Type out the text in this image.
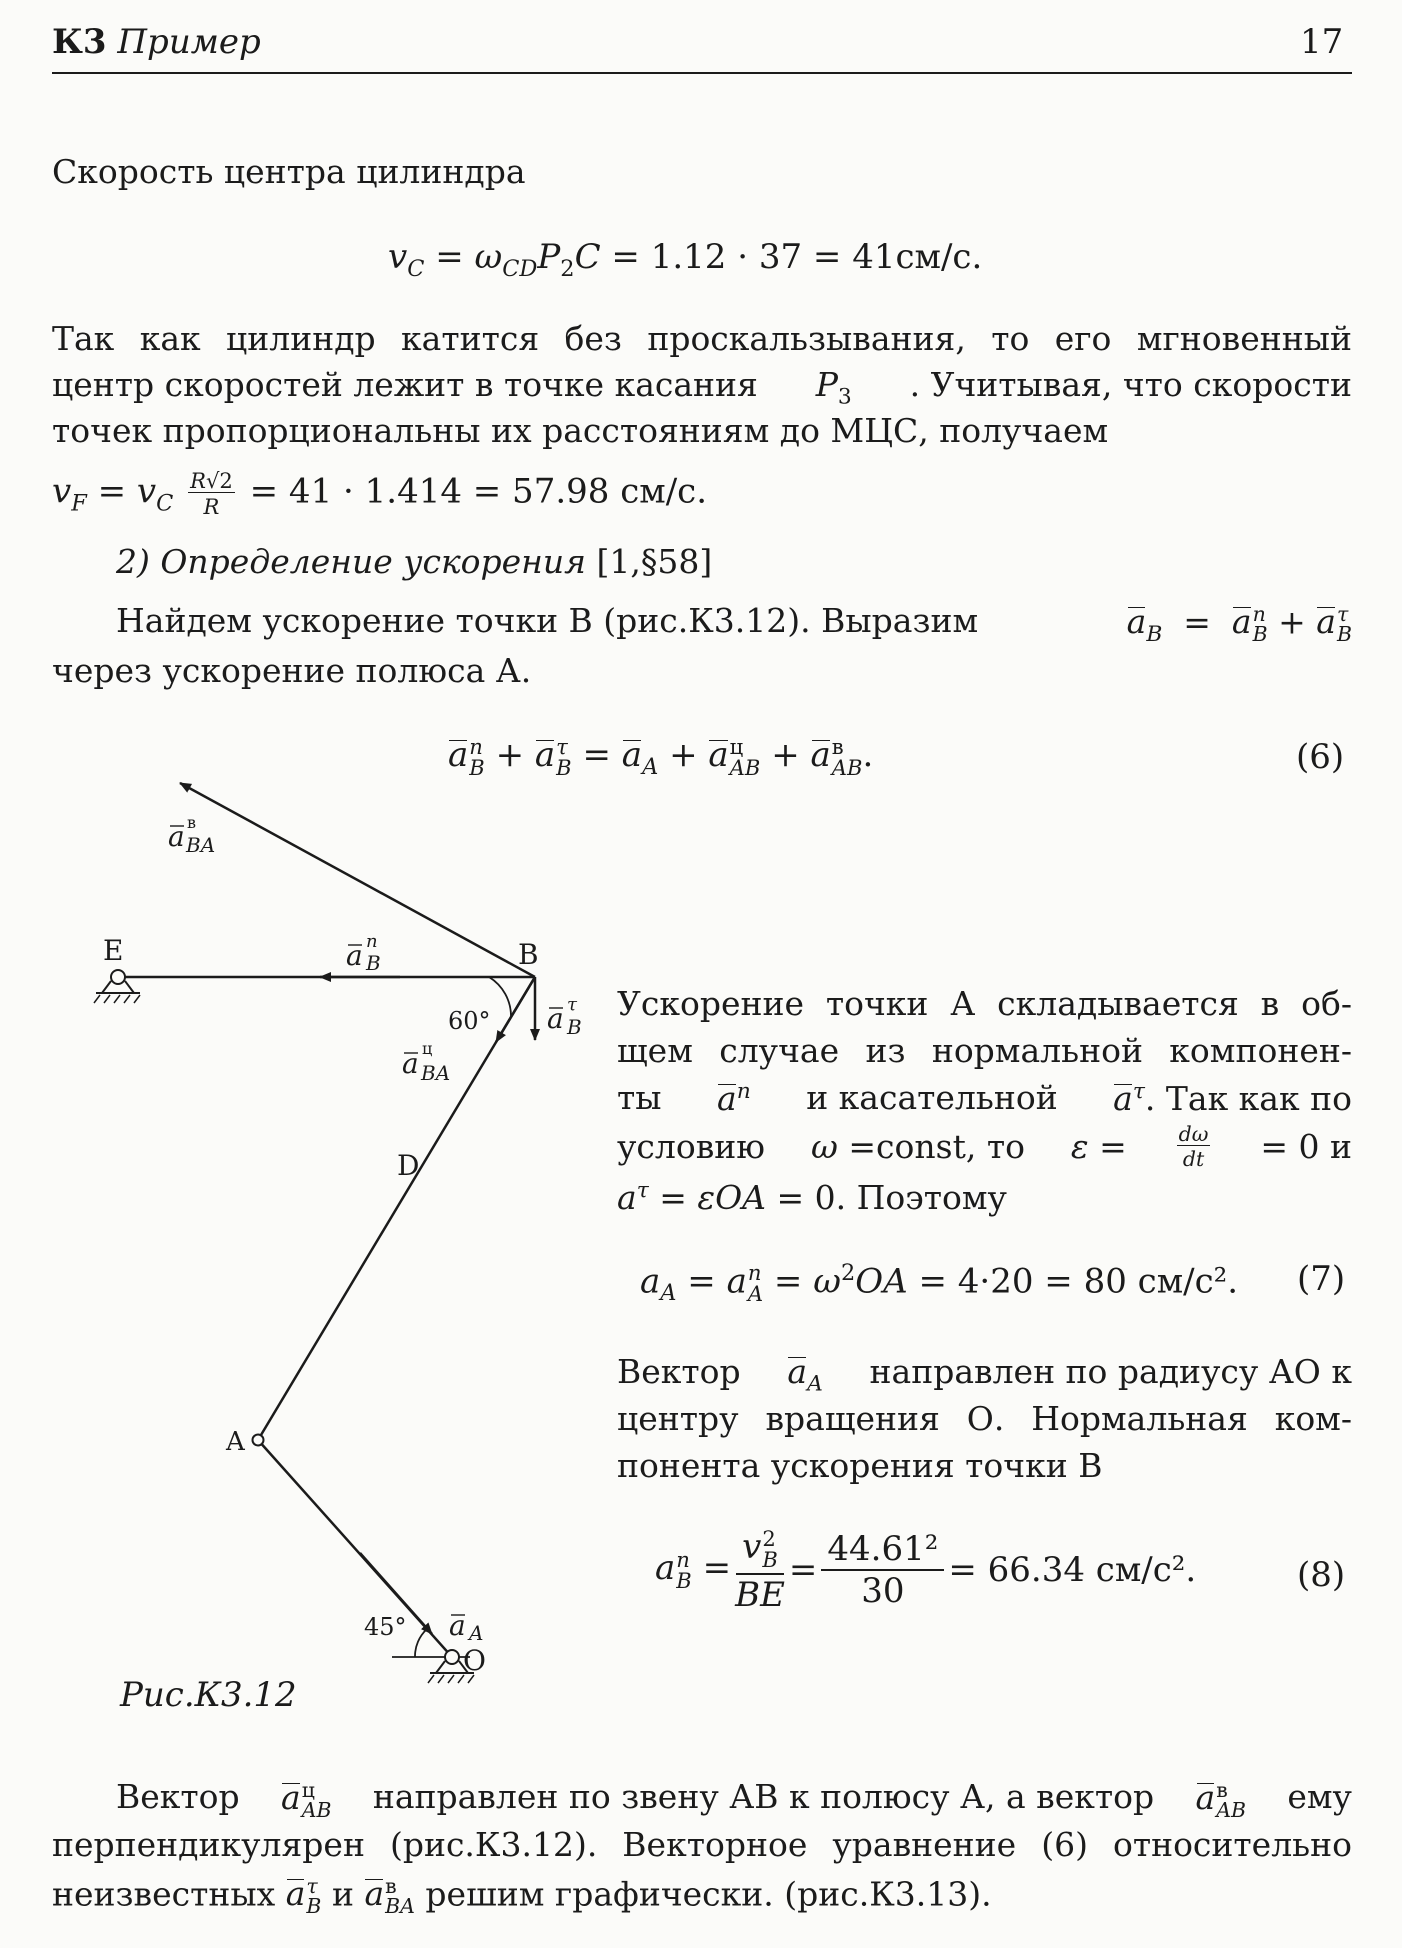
К3 Пример	17
Скорость центра цилиндра
$v_C = \omega_{CD}P_2C = 1.12 \cdot 37 = 41см/с$.
Так как цилиндр катится без проскальзывания, то его мгновенный
центр скоростей лежит в точке касания $P_3$ . Учитывая, что скорости
точек пропорциональны их расстояниям до МЦС, получаем
$v_F = v_C \frac{R√2}{R} = 41 \cdot 1.414 = 57.98$ см/с.
2) Определение ускорения [1,§58]
Найдем ускорение точки В (рис.К3.12). Выразим	$a_B = a$ n
B + a τ
B
через ускорение полюса А.
a n
B + a τ
$B = a_A + a$ ц
AB + a в
AB .	(6)
E	B
D
A
O
60°
45°
a в
BA
a n
B
a τ
B
a ц
BA
a A
Рис.К3.12
Ускорение точки А складывается в об-
щем случае из нормальной компонен-
ты $a^n$ и касательной $a^\tau$. Так как по
условию ω =const, то $\varepsilon = \frac{d\omega}{dt} = 0$ и
$a^\tau = \varepsilon OA = 0$. Поэтому
$a_A = a$ n
$A = \omega^2OA = 4\cdot 20 = 80$ см/с². (7)
Вектор $a_A$ направлен по радиусу АО к
центру вращения О. Нормальная ком-
понента ускорения точки В
a n
B = v 2
B
BE = $\frac{\text{44.61²}}{30} = 66.34$ см/с².	(8)
Вектор a ц
AB направлен по звену АВ к полюсу А, а вектор a в
AB ему
перпендикулярен (рис.К3.12). Векторное уравнение (6) относительно
неизвестных a τ
B и a в
BA решим графически. (рис.К3.13).
